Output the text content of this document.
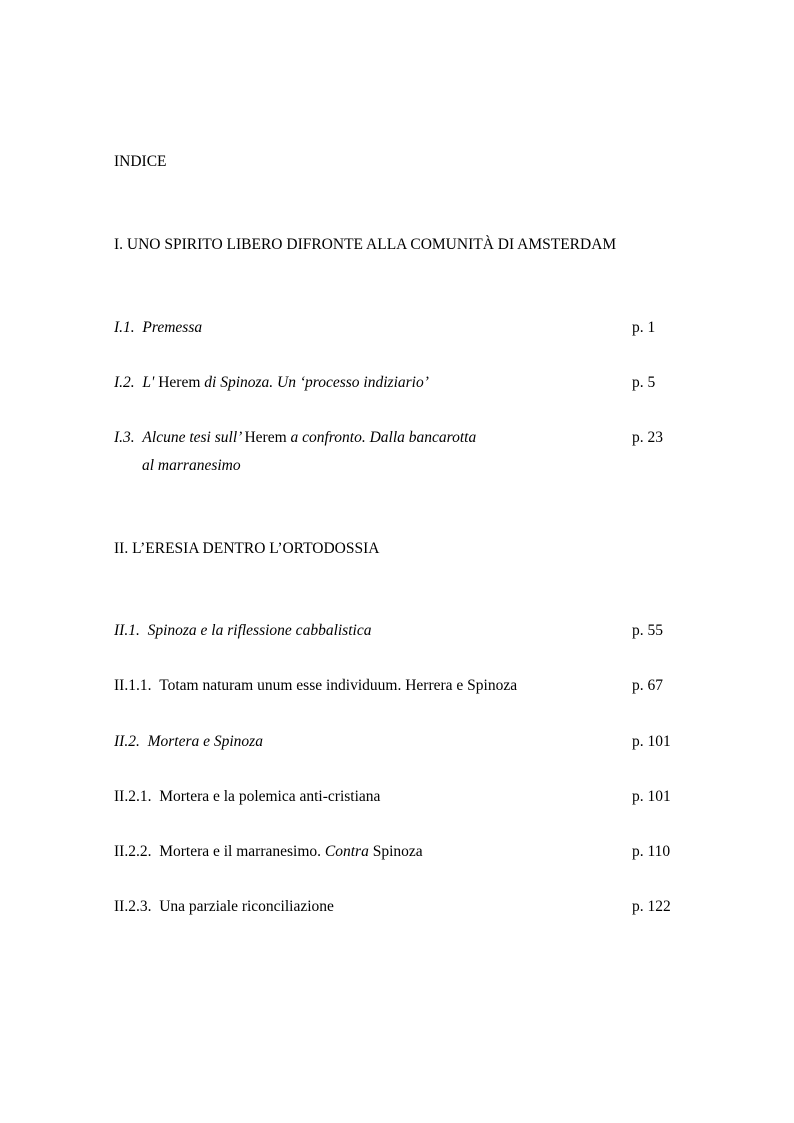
INDICE
I. UNO SPIRITO LIBERO DIFRONTE ALLA COMUNITÀ DI AMSTERDAM
I.1. Premessa	p. 1
I.2. L' Herem di Spinoza. Un ‘processo indiziario’	p. 5
I.3. Alcune tesi sull’ Herem a confronto. Dalla bancarotta	p. 23
al marranesimo
II. L’ERESIA DENTRO L’ORTODOSSIA
II.1. Spinoza e la riflessione cabbalistica	p. 55
II.1.1. Totam naturam unum esse individuum. Herrera e Spinoza	p. 67
II.2. Mortera e Spinoza	p. 101
II.2.1. Mortera e la polemica anti-cristiana	p. 101
II.2.2. Mortera e il marranesimo. Contra Spinoza	p. 110
II.2.3. Una parziale riconciliazione	p. 122
